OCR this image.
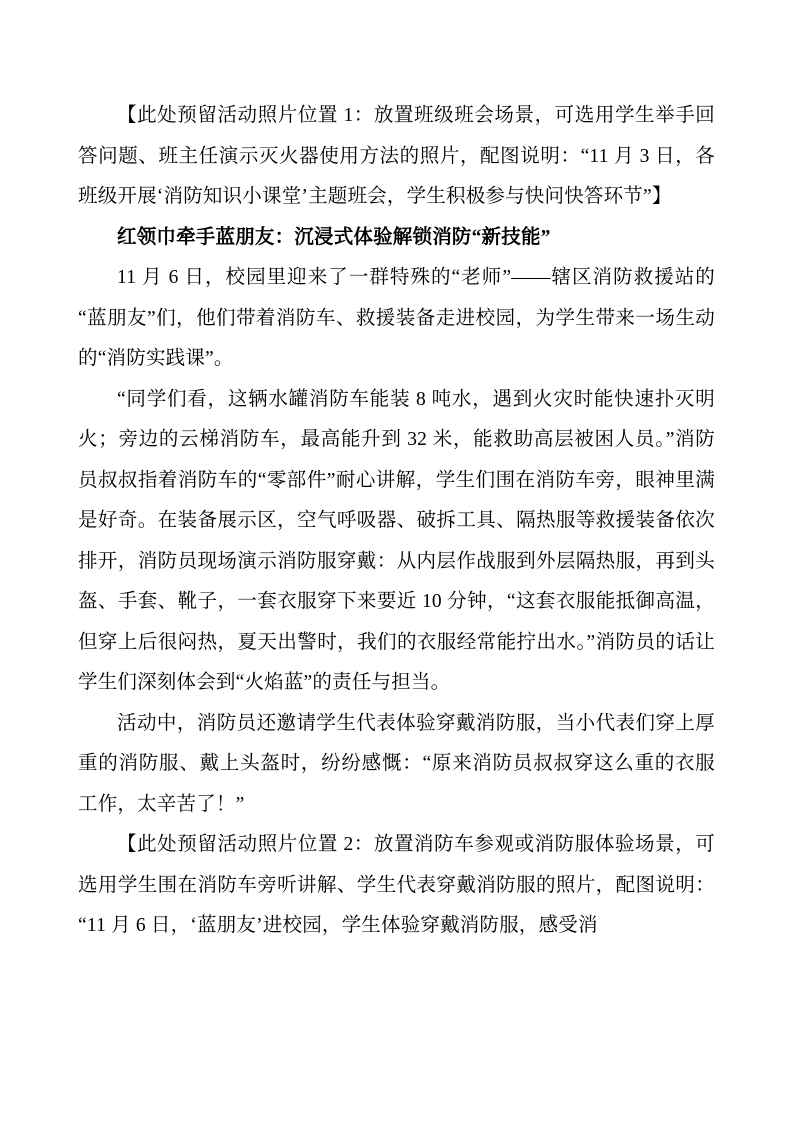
【此处预留活动照片位置 1：放置班级班会场景，可选用学生举手回答问题、班主任演示灭火器使用方法的照片，配图说明：“11 月 3 日，各班级开展‘消防知识小课堂’主题班会，学生积极参与快问快答环节”】

红领巾牵手蓝朋友：沉浸式体验解锁消防“新技能”

11 月 6 日，校园里迎来了一群特殊的“老师”——辖区消防救援站的“蓝朋友”们，他们带着消防车、救援装备走进校园，为学生带来一场生动的“消防实践课”。

“同学们看，这辆水罐消防车能装 8 吨水，遇到火灾时能快速扑灭明火；旁边的云梯消防车，最高能升到 32 米，能救助高层被困人员。”消防员叔叔指着消防车的“零部件”耐心讲解，学生们围在消防车旁，眼神里满是好奇。在装备展示区，空气呼吸器、破拆工具、隔热服等救援装备依次排开，消防员现场演示消防服穿戴：从内层作战服到外层隔热服，再到头盔、手套、靴子，一套衣服穿下来要近 10 分钟，“这套衣服能抵御高温，但穿上后很闷热，夏天出警时，我们的衣服经常能拧出水。”消防员的话让学生们深刻体会到“火焰蓝”的责任与担当。

活动中，消防员还邀请学生代表体验穿戴消防服，当小代表们穿上厚重的消防服、戴上头盔时，纷纷感慨：“原来消防员叔叔穿这么重的衣服工作，太辛苦了！”

【此处预留活动照片位置 2：放置消防车参观或消防服体验场景，可选用学生围在消防车旁听讲解、学生代表穿戴消防服的照片，配图说明：“11 月 6 日，‘蓝朋友’进校园，学生体验穿戴消防服，感受消
